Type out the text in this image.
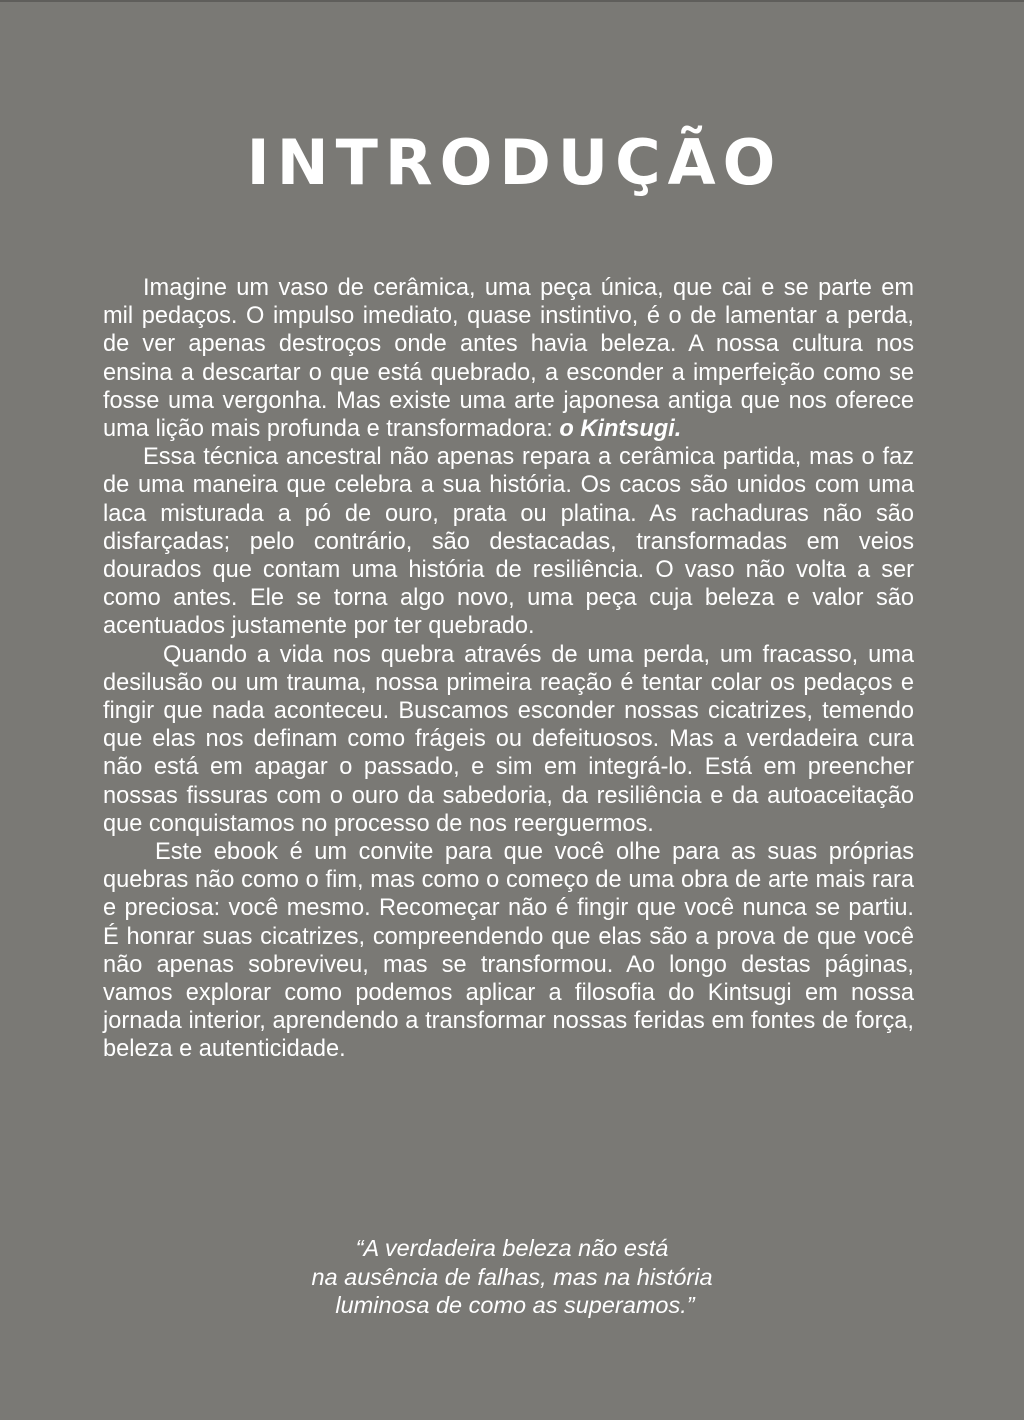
INTRODUÇÃO

Imagine um vaso de cerâmica, uma peça única, que cai e se parte em mil pedaços. O impulso imediato, quase instintivo, é o de lamentar a perda, de ver apenas destroços onde antes havia beleza. A nossa cultura nos ensina a descartar o que está quebrado, a esconder a imperfeição como se fosse uma vergonha. Mas existe uma arte japonesa antiga que nos oferece uma lição mais profunda e transformadora: o Kintsugi.

Essa técnica ancestral não apenas repara a cerâmica partida, mas o faz de uma maneira que celebra a sua história. Os cacos são unidos com uma laca misturada a pó de ouro, prata ou platina. As rachaduras não são disfarçadas; pelo contrário, são destacadas, transformadas em veios dourados que contam uma história de resiliência. O vaso não volta a ser como antes. Ele se torna algo novo, uma peça cuja beleza e valor são acentuados justamente por ter quebrado.

Quando a vida nos quebra através de uma perda, um fracasso, uma desilusão ou um trauma, nossa primeira reação é tentar colar os pedaços e fingir que nada aconteceu. Buscamos esconder nossas cicatrizes, temendo que elas nos definam como frágeis ou defeituosos. Mas a verdadeira cura não está em apagar o passado, e sim em integrá-lo. Está em preencher nossas fissuras com o ouro da sabedoria, da resiliência e da autoaceitação que conquistamos no processo de nos reerguermos.

Este ebook é um convite para que você olhe para as suas próprias quebras não como o fim, mas como o começo de uma obra de arte mais rara e preciosa: você mesmo. Recomeçar não é fingir que você nunca se partiu. É honrar suas cicatrizes, compreendendo que elas são a prova de que você não apenas sobreviveu, mas se transformou. Ao longo destas páginas, vamos explorar como podemos aplicar a filosofia do Kintsugi em nossa jornada interior, aprendendo a transformar nossas feridas em fontes de força, beleza e autenticidade.

“A verdadeira beleza não está
na ausência de falhas, mas na história
luminosa de como as superamos.”
